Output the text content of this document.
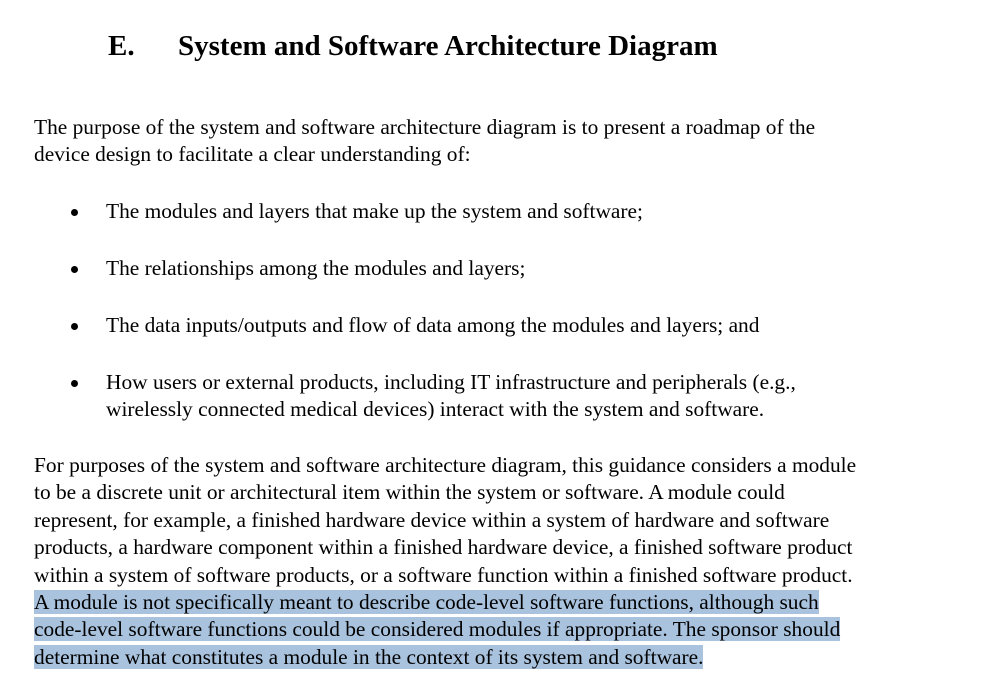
E. System and Software Architecture Diagram

The purpose of the system and software architecture diagram is to present a roadmap of the
device design to facilitate a clear understanding of:

The modules and layers that make up the system and software;
The relationships among the modules and layers;
The data inputs/outputs and flow of data among the modules and layers; and
How users or external products, including IT infrastructure and peripherals (e.g.,
wirelessly connected medical devices) interact with the system and software.

For purposes of the system and software architecture diagram, this guidance considers a module
to be a discrete unit or architectural item within the system or software. A module could
represent, for example, a finished hardware device within a system of hardware and software
products, a hardware component within a finished hardware device, a finished software product
within a system of software products, or a software function within a finished software product.
A module is not specifically meant to describe code-level software functions, although such
code-level software functions could be considered modules if appropriate. The sponsor should
determine what constitutes a module in the context of its system and software.
